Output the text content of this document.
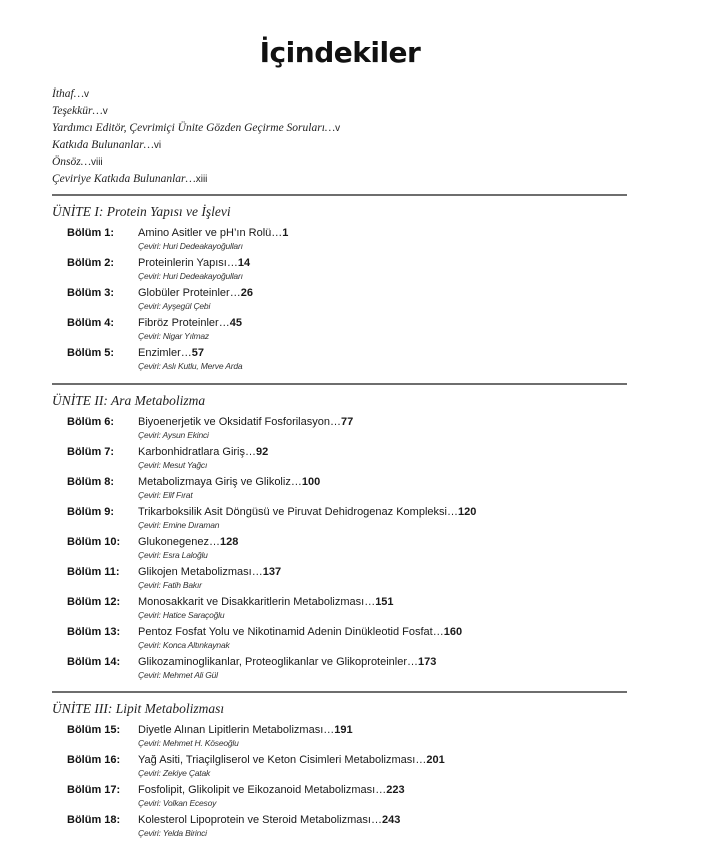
İçindekiler
İthaf…v
Teşekkür…v
Yardımcı Editör, Çevrimiçi Ünite Gözden Geçirme Soruları…v
Katkıda Bulunanlar…vi
Önsöz…viii
Çeviriye Katkıda Bulunanlar…xiii
ÜNİTE I: Protein Yapısı ve İşlevi
Bölüm 1: Amino Asitler ve pH’ın Rolü…1
Çeviri: Huri Dedeakayoğulları
Bölüm 2: Proteinlerin Yapısı…14
Çeviri: Huri Dedeakayoğulları
Bölüm 3: Globüler Proteinler…26
Çeviri: Ayşegül Çebi
Bölüm 4: Fibröz Proteinler…45
Çeviri: Nigar Yılmaz
Bölüm 5: Enzimler…57
Çeviri: Aslı Kutlu, Merve Arda
ÜNİTE II: Ara Metabolizma
Bölüm 6: Biyoenerjetik ve Oksidatif Fosforilasyon…77
Çeviri: Aysun Ekinci
Bölüm 7: Karbonhidratlara Giriş…92
Çeviri: Mesut Yağcı
Bölüm 8: Metabolizmaya Giriş ve Glikoliz…100
Çeviri: Elif Fırat
Bölüm 9: Trikarboksilik Asit Döngüsü ve Piruvat Dehidrogenaz Kompleksi…120
Çeviri: Emine Dıraman
Bölüm 10: Glukonegenez…128
Çeviri: Esra Laloğlu
Bölüm 11: Glikojen Metabolizması…137
Çeviri: Fatih Bakır
Bölüm 12: Monosakkarit ve Disakkaritlerin Metabolizması…151
Çeviri: Hatice Saraçoğlu
Bölüm 13: Pentoz Fosfat Yolu ve Nikotinamid Adenin Dinükleotid Fosfat…160
Çeviri: Konca Altınkaynak
Bölüm 14: Glikozaminoglikanlar, Proteoglikanlar ve Glikoproteinler…173
Çeviri: Mehmet Ali Gül
ÜNİTE III: Lipit Metabolizması
Bölüm 15: Diyetle Alınan Lipitlerin Metabolizması…191
Çeviri: Mehmet H. Köseoğlu
Bölüm 16: Yağ Asiti, Triaçilgliserol ve Keton Cisimleri Metabolizması…201
Çeviri: Zekiye Çatak
Bölüm 17: Fosfolipit, Glikolipit ve Eikozanoid Metabolizması…223
Çeviri: Volkan Ecesoy
Bölüm 18: Kolesterol Lipoprotein ve Steroid Metabolizması…243
Çeviri: Yelda Birinci
